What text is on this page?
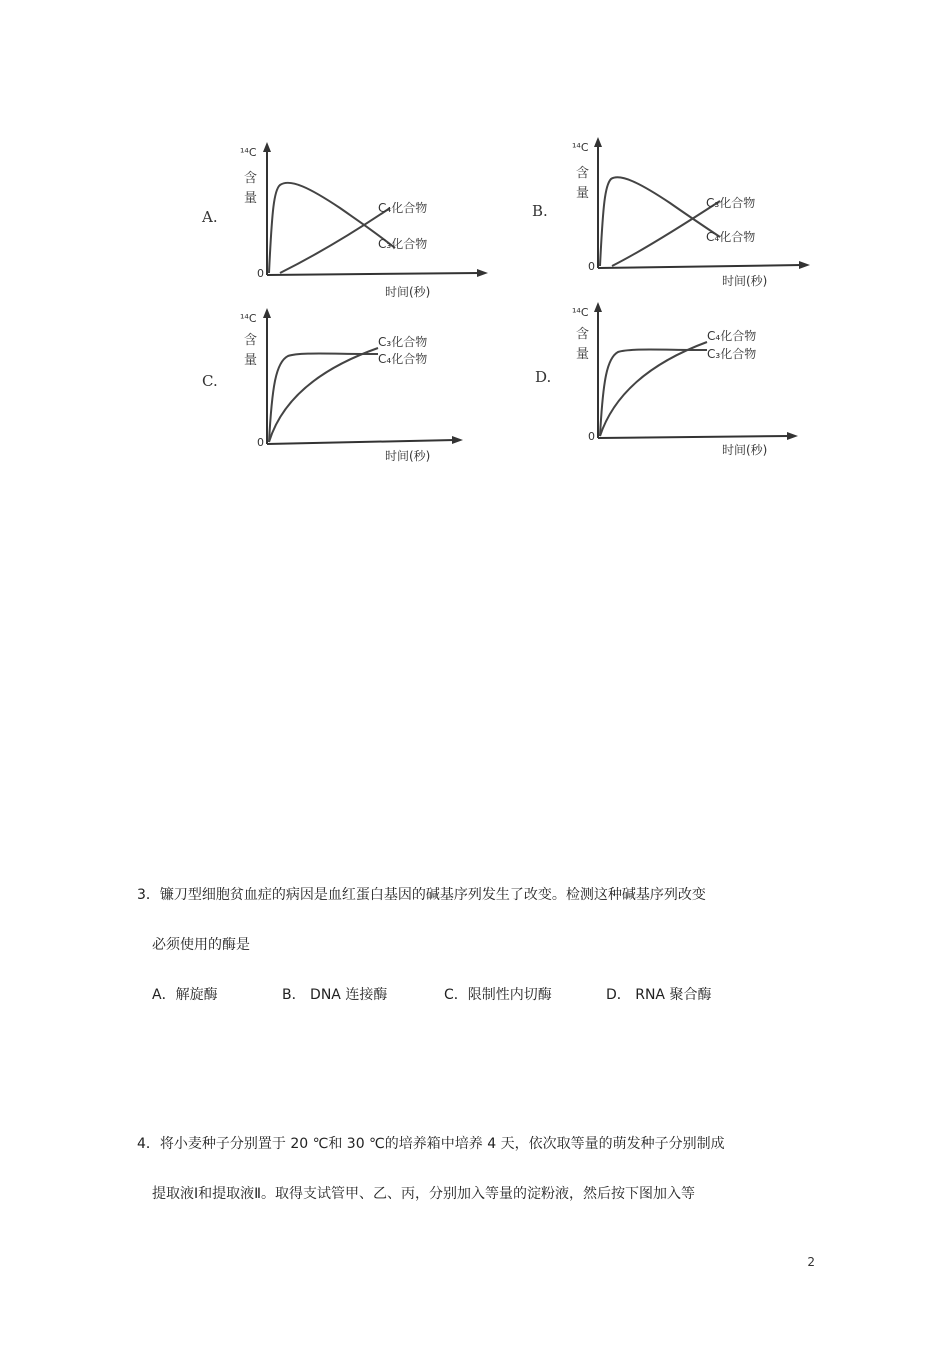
A.
¹⁴C
含
量
0
C₄化合物
C₃化合物
时间(秒)
B.
¹⁴C
含
量
0
C₃化合物
C₄化合物
时间(秒)
C.
¹⁴C
含
量
0
C₃化合物
C₄化合物
时间(秒)
D.
¹⁴C
含
量
0
C₄化合物
C₃化合物
时间(秒)
3．镰刀型细胞贫血症的病因是血红蛋白基因的碱基序列发生了改变。检测这种碱基序列改变
必须使用的酶是
A．解旋酶	B． DNA 连接酶	C．限制性内切酶	D． RNA 聚合酶
4．将小麦种子分别置于 20 ℃和 30 ℃的培养箱中培养 4 天，依次取等量的萌发种子分别制成
提取液Ⅰ和提取液Ⅱ。取得支试管甲、乙、丙，分别加入等量的淀粉液，然后按下图加入等
2
